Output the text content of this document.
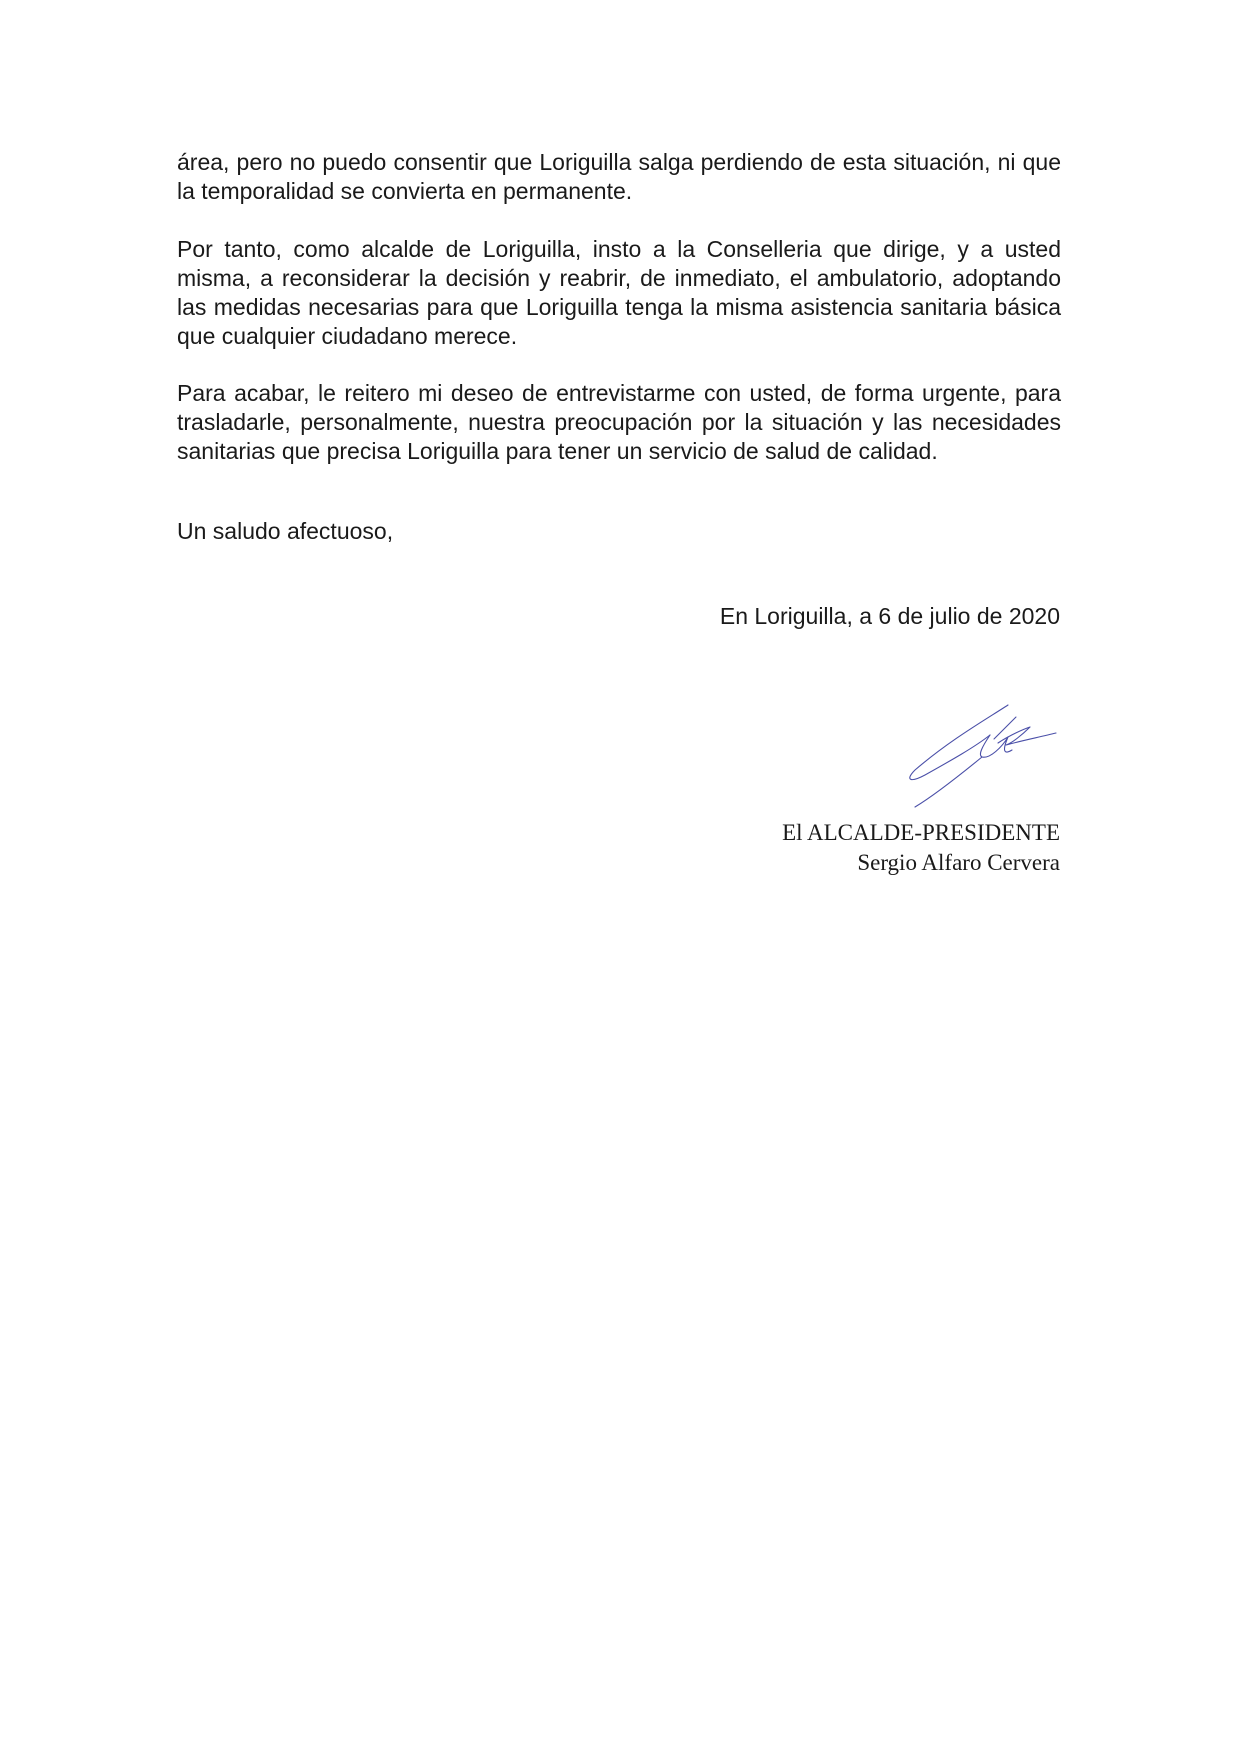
área, pero no puedo consentir que Loriguilla salga perdiendo de esta situación, ni que la temporalidad se convierta en permanente.

Por tanto, como alcalde de Loriguilla, insto a la Conselleria que dirige, y a usted misma, a reconsiderar la decisión y reabrir, de inmediato, el ambulatorio, adoptando las medidas necesarias para que Loriguilla tenga la misma asistencia sanitaria básica que cualquier ciudadano merece.

Para acabar, le reitero mi deseo de entrevistarme con usted, de forma urgente, para trasladarle, personalmente, nuestra preocupación por la situación y las necesidades sanitarias que precisa Loriguilla para tener un servicio de salud de calidad.

Un saludo afectuoso,

En Loriguilla, a 6 de julio de 2020
El ALCALDE-PRESIDENTE
Sergio Alfaro Cervera
